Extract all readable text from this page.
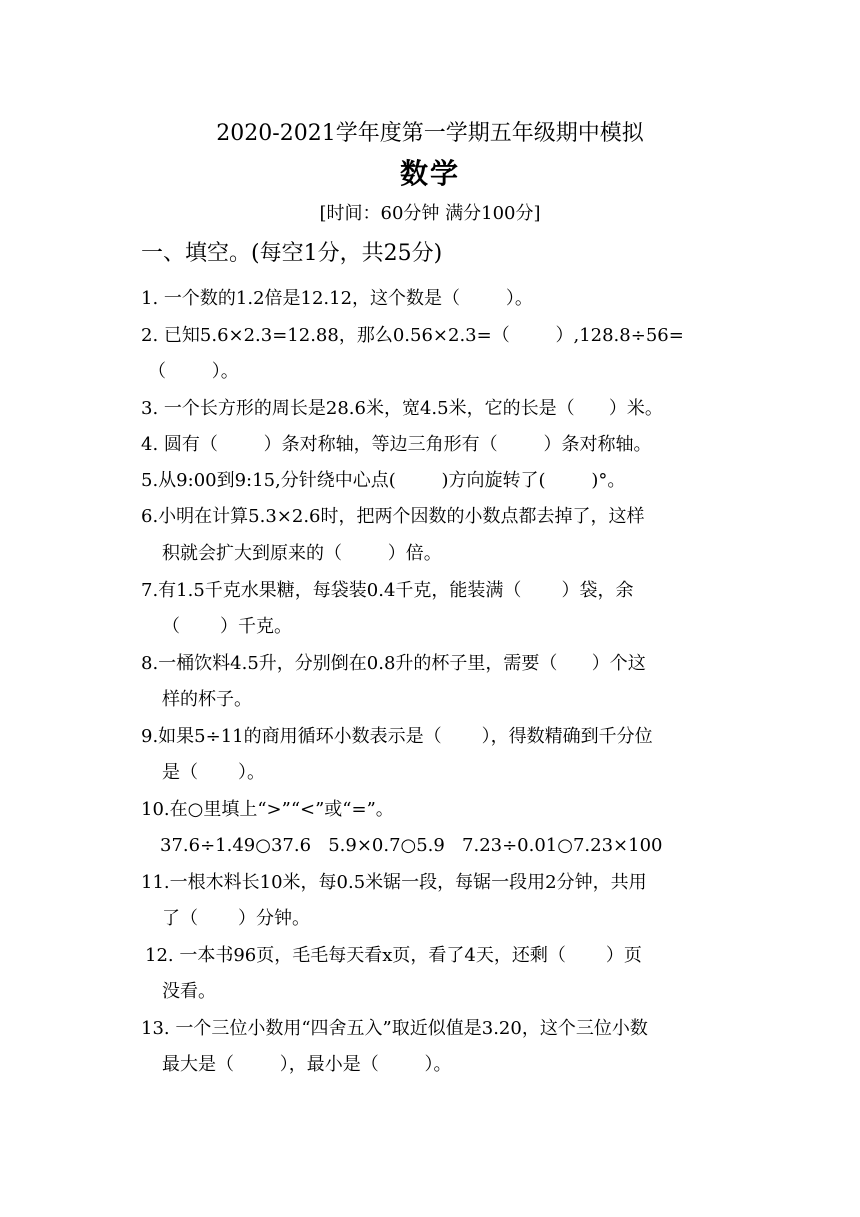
2020-2021学年度第一学期五年级期中模拟
数学
[时间：60分钟 满分100分]
一、填空。(每空1分，共25分)
1. 一个数的1.2倍是12.12，这个数是（        ）。
2. 已知5.6×2.3=12.88，那么0.56×2.3=（        ）,128.8÷56=
（        ）。
3. 一个长方形的周长是28.6米，宽4.5米，它的长是（      ）米。
4. 圆有（        ）条对称轴，等边三角形有（        ）条对称轴。
5.从9:00到9:15,分针绕中心点(        )方向旋转了(        )°。
6.小明在计算5.3×2.6时，把两个因数的小数点都去掉了，这样
积就会扩大到原来的（        ）倍。
7.有1.5千克水果糖，每袋装0.4千克，能装满（       ）袋，余
（       ）千克。
8.一桶饮料4.5升，分别倒在0.8升的杯子里，需要（      ）个这
样的杯子。
9.如果5÷11的商用循环小数表示是（       ），得数精确到千分位
是（       ）。
10.在○里填上“>”“<”或“=”。
37.6÷1.49○37.6   5.9×0.7○5.9   7.23÷0.01○7.23×100
11.一根木料长10米，每0.5米锯一段，每锯一段用2分钟，共用
了（       ）分钟。
12. 一本书96页，毛毛每天看x页，看了4天，还剩（       ）页
没看。
13. 一个三位小数用“四舍五入”取近似值是3.20，这个三位小数
最大是（        ），最小是（        ）。
